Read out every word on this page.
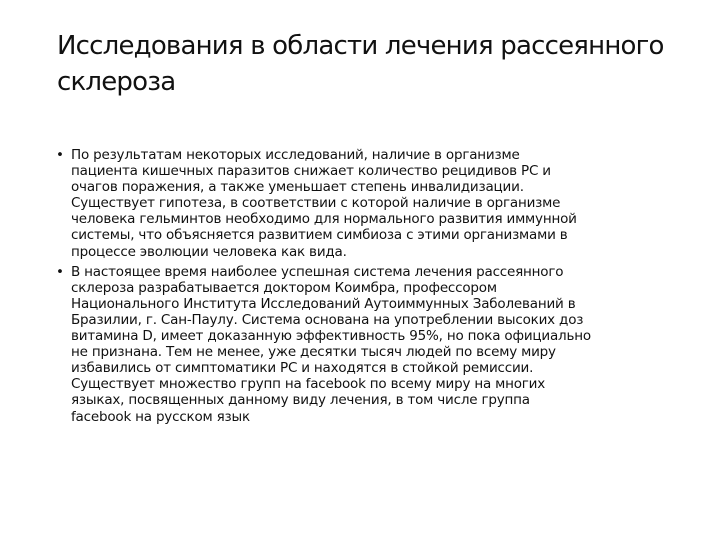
Исследования в области лечения рассеянного
склероза
• По результатам некоторых исследований, наличие в организме
пациента кишечных паразитов снижает количество рецидивов РС и
очагов поражения, а также уменьшает степень инвалидизации.
Существует гипотеза, в соответствии с которой наличие в организме
человека гельминтов необходимо для нормального развития иммунной
системы, что объясняется развитием симбиоза с этими организмами в
процессе эволюции человека как вида.
• В настоящее время наиболее успешная система лечения рассеянного
склероза разрабатывается доктором Коимбра, профессором
Национального Института Исследований Аутоиммунных Заболеваний в
Бразилии, г. Сан-Паулу. Система основана на употреблении высоких доз
витамина D, имеет доказанную эффективность 95%, но пока официально
не признана. Тем не менее, уже десятки тысяч людей по всему миру
избавились от симптоматики РС и находятся в стойкой ремиссии.
Существует множество групп на facebook по всему миру на многих
языках, посвященных данному виду лечения, в том числе группа
facebook на русском язык
